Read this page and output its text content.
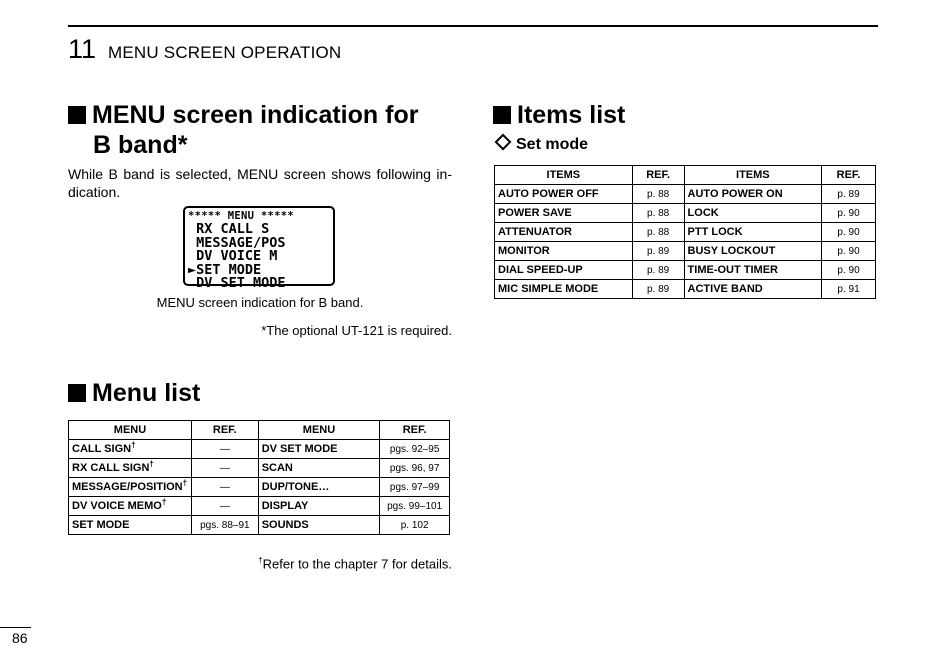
11 MENU SCREEN OPERATION
MENU screen indication for
B band*
While B band is selected, MENU screen shows following in-dication.
***** MENU *****
RX CALL S
MESSAGE/POS
DV VOICE M
►SET MODE
DV SET MODE
MENU screen indication for B band.
*The optional UT-121 is required.
Menu list
MENU	REF.	MENU	REF.
CALL SIGN†	—	DV SET MODE	pgs. 92–95
RX CALL SIGN†	—	SCAN	pgs. 96, 97
MESSAGE/POSITION†	—	DUP/TONE…	pgs. 97–99
DV VOICE MEMO†	—	DISPLAY	pgs. 99–101
SET MODE	pgs. 88–91	SOUNDS	p. 102
†Refer to the chapter 7 for details.
Items list
Set mode
ITEMS	REF.	ITEMS	REF.
AUTO POWER OFF	p. 88	AUTO POWER ON	p. 89
POWER SAVE	p. 88	LOCK	p. 90
ATTENUATOR	p. 88	PTT LOCK	p. 90
MONITOR	p. 89	BUSY LOCKOUT	p. 90
DIAL SPEED-UP	p. 89	TIME-OUT TIMER	p. 90
MIC SIMPLE MODE	p. 89	ACTIVE BAND	p. 91
86
